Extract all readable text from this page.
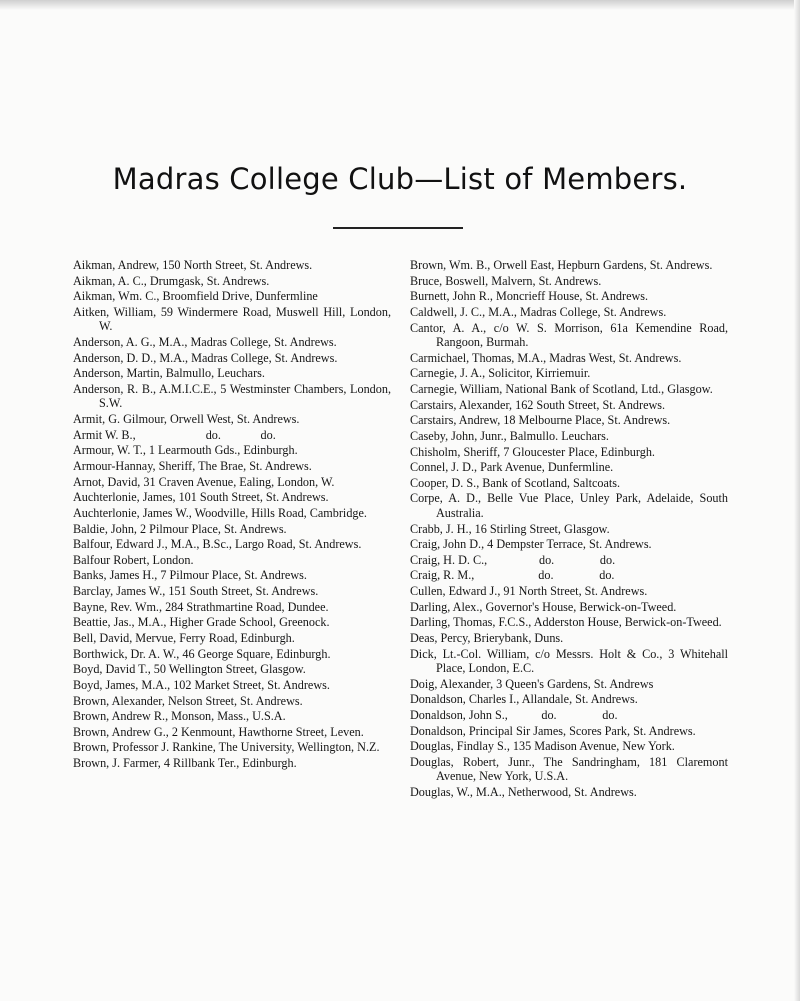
Madras College Club—List of Members.

Aikman, Andrew, 150 North Street, St. Andrews.

Aikman, A. C., Drumgask, St. Andrews.

Aikman, Wm. C., Broomfield Drive, Dunfermline

Aitken, William, 59 Windermere Road, Muswell Hill, London, W.

Anderson, A. G., M.A., Madras College, St. Andrews.

Anderson, D. D., M.A., Madras College, St. Andrews.

Anderson, Martin, Balmullo, Leuchars.

Anderson, R. B., A.M.I.C.E., 5 Westminster Chambers, London, S.W.

Armit, G. Gilmour, Orwell West, St. Andrews.

Armit W. B.,                       do.             do.

Armour, W. T., 1 Learmouth Gds., Edinburgh.

Armour-Hannay, Sheriff, The Brae, St. Andrews.

Arnot, David, 31 Craven Avenue, Ealing, London, W.

Auchterlonie, James, 101 South Street, St. Andrews.

Auchterlonie, James W., Woodville, Hills Road, Cambridge.

Baldie, John, 2 Pilmour Place, St. Andrews.

Balfour, Edward J., M.A., B.Sc., Largo Road, St. Andrews.

Balfour Robert, London.

Banks, James H., 7 Pilmour Place, St. Andrews.

Barclay, James W., 151 South Street, St. Andrews.

Bayne, Rev. Wm., 284 Strathmartine Road, Dundee.

Beattie, Jas., M.A., Higher Grade School, Greenock.

Bell, David, Mervue, Ferry Road, Edinburgh.

Borthwick, Dr. A. W., 46 George Square, Edinburgh.

Boyd, David T., 50 Wellington Street, Glasgow.

Boyd, James, M.A., 102 Market Street, St. Andrews.

Brown, Alexander, Nelson Street, St. Andrews.

Brown, Andrew R., Monson, Mass., U.S.A.

Brown, Andrew G., 2 Kenmount, Hawthorne Street, Leven.

Brown, Professor J. Rankine, The University, Wellington, N.Z.

Brown, J. Farmer, 4 Rillbank Ter., Edinburgh.

Brown, Wm. B., Orwell East, Hepburn Gardens, St. Andrews.

Bruce, Boswell, Malvern, St. Andrews.

Burnett, John R., Moncrieff House, St. Andrews.

Caldwell, J. C., M.A., Madras College, St. Andrews.

Cantor, A. A., c/o W. S. Morrison, 61a Kemendine Road, Rangoon, Burmah.

Carmichael, Thomas, M.A., Madras West, St. Andrews.

Carnegie, J. A., Solicitor, Kirriemuir.

Carnegie, William, National Bank of Scotland, Ltd., Glasgow.

Carstairs, Alexander, 162 South Street, St. Andrews.

Carstairs, Andrew, 18 Melbourne Place, St. Andrews.

Caseby, John, Junr., Balmullo. Leuchars.

Chisholm, Sheriff, 7 Gloucester Place, Edinburgh.

Connel, J. D., Park Avenue, Dunfermline.

Cooper, D. S., Bank of Scotland, Saltcoats.

Corpe, A. D., Belle Vue Place, Unley Park, Adelaide, South Australia.

Crabb, J. H., 16 Stirling Street, Glasgow.

Craig, John D., 4 Dempster Terrace, St. Andrews.

Craig, H. D. C.,                 do.               do.

Craig, R. M.,                     do.               do.

Cullen, Edward J., 91 North Street, St. Andrews.

Darling, Alex., Governor's House, Berwick-on-Tweed.

Darling, Thomas, F.C.S., Adderston House, Berwick-on-Tweed.

Deas, Percy, Brierybank, Duns.

Dick, Lt.-Col. William, c/o Messrs. Holt & Co., 3 Whitehall Place, London, E.C.

Doig, Alexander, 3 Queen's Gardens, St. Andrews

Donaldson, Charles I., Allandale, St. Andrews.

Donaldson, John S.,           do.               do.

Donaldson, Principal Sir James, Scores Park, St. Andrews.

Douglas, Findlay S., 135 Madison Avenue, New York.

Douglas, Robert, Junr., The Sandringham, 181 Claremont Avenue, New York, U.S.A.

Douglas, W., M.A., Netherwood, St. Andrews.
